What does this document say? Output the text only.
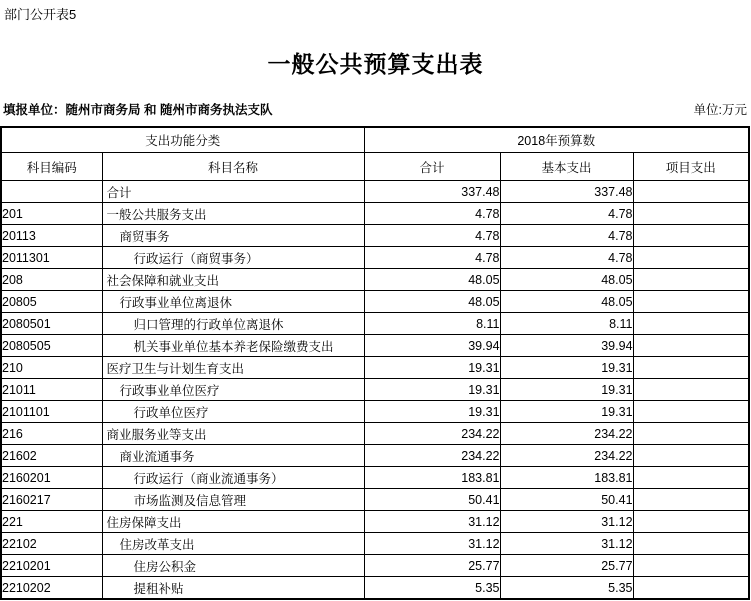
部门公开表5
一般公共预算支出表
填报单位：随州市商务局 和 随州市商务执法支队	单位:万元
支出功能分类		2018年预算数		
科目编码	科目名称	合计	基本支出	项目支出
	合计	337.48	337.48	
201	一般公共服务支出	4.78	4.78	
20113	商贸事务	4.78	4.78	
2011301	行政运行（商贸事务）	4.78	4.78	
208	社会保障和就业支出	48.05	48.05	
20805	行政事业单位离退休	48.05	48.05	
2080501	归口管理的行政单位离退休	8.11	8.11	
2080505	机关事业单位基本养老保险缴费支出	39.94	39.94	
210	医疗卫生与计划生育支出	19.31	19.31	
21011	行政事业单位医疗	19.31	19.31	
2101101	行政单位医疗	19.31	19.31	
216	商业服务业等支出	234.22	234.22	
21602	商业流通事务	234.22	234.22	
2160201	行政运行（商业流通事务）	183.81	183.81	
2160217	市场监测及信息管理	50.41	50.41	
221	住房保障支出	31.12	31.12	
22102	住房改革支出	31.12	31.12	
2210201	住房公积金	25.77	25.77	
2210202	提租补贴	5.35	5.35	
